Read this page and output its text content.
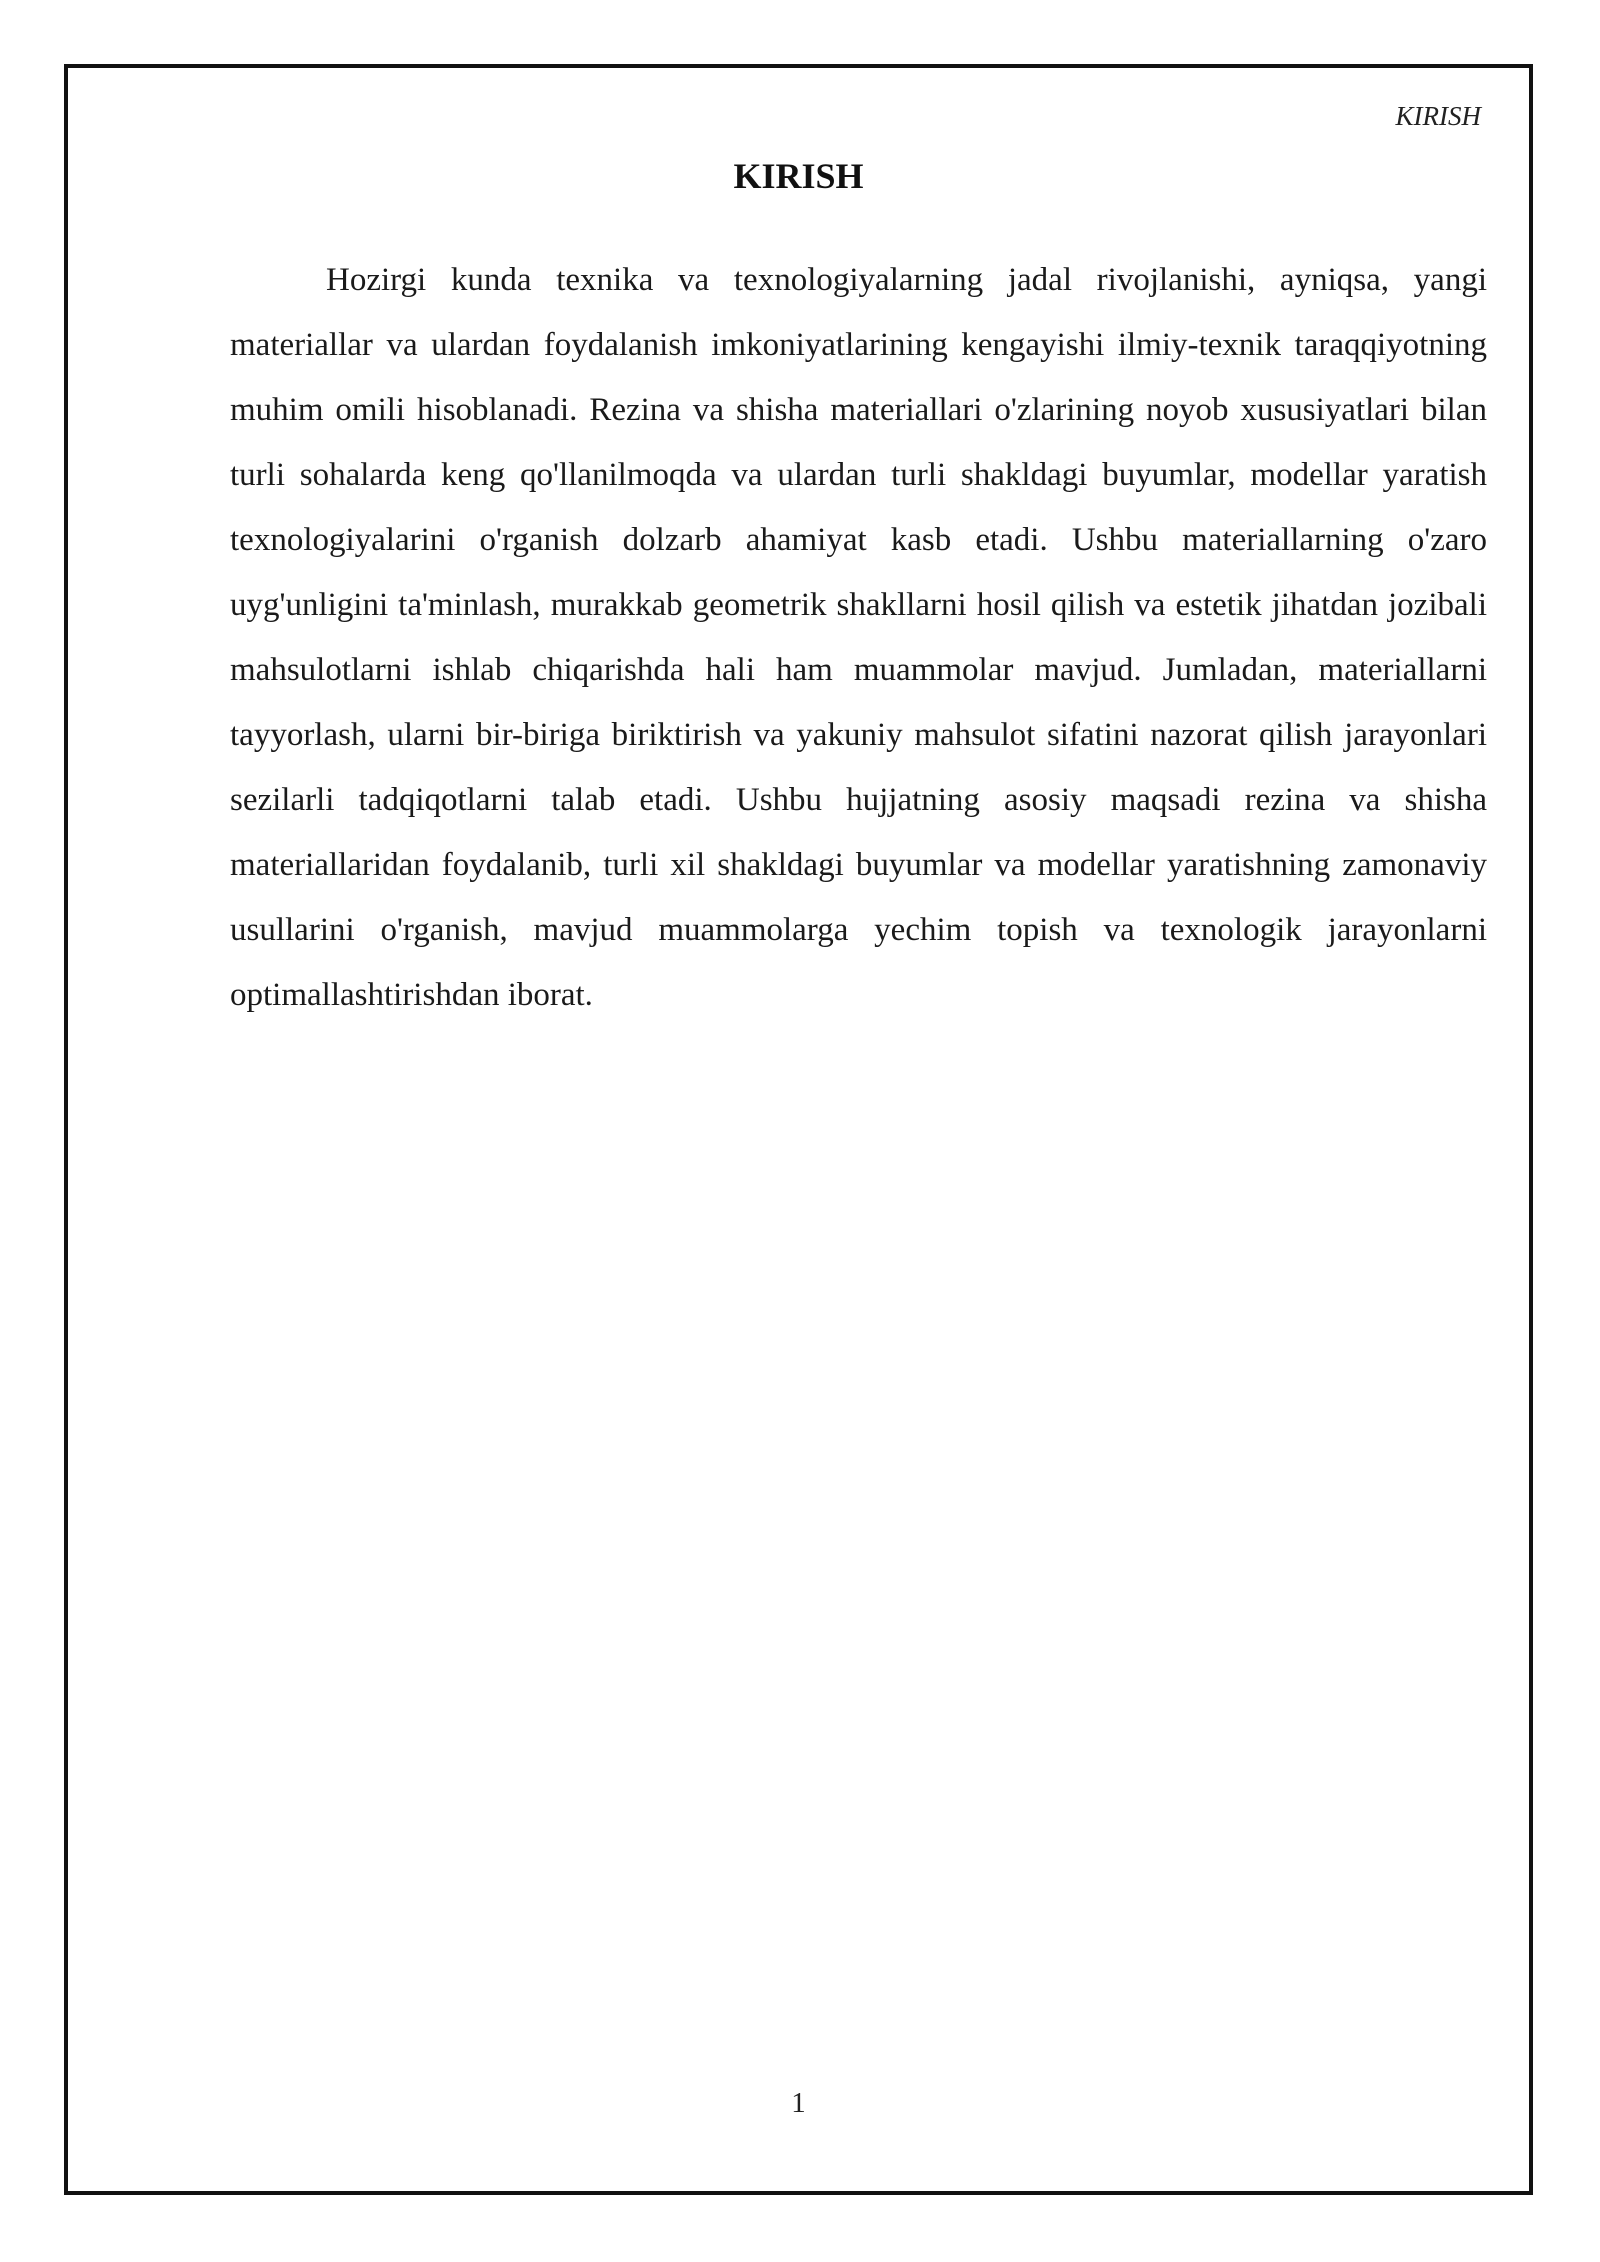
KIRISH
KIRISH

Hozirgi kunda texnika va texnologiyalarning jadal rivojlanishi, ayniqsa, yangi materiallar va ulardan foydalanish imkoniyatlarining kengayishi ilmiy-texnik taraqqiyotning muhim omili hisoblanadi. Rezina va shisha materiallari o'zlarining noyob xususiyatlari bilan turli sohalarda keng qo'llanilmoqda va ulardan turli shakldagi buyumlar, modellar yaratish texnologiyalarini o'rganish dolzarb ahamiyat kasb etadi. Ushbu materiallarning o'zaro uyg'unligini ta'minlash, murakkab geometrik shakllarni hosil qilish va estetik jihatdan jozibali mahsulotlarni ishlab chiqarishda hali ham muammolar mavjud. Jumladan, materiallarni tayyorlash, ularni bir-biriga biriktirish va yakuniy mahsulot sifatini nazorat qilish jarayonlari sezilarli tadqiqotlarni talab etadi. Ushbu hujjatning asosiy maqsadi rezina va shisha materiallaridan foydalanib, turli xil shakldagi buyumlar va modellar yaratishning zamonaviy usullarini o'rganish, mavjud muammolarga yechim topish va texnologik jarayonlarni optimallashtirishdan iborat.

1
